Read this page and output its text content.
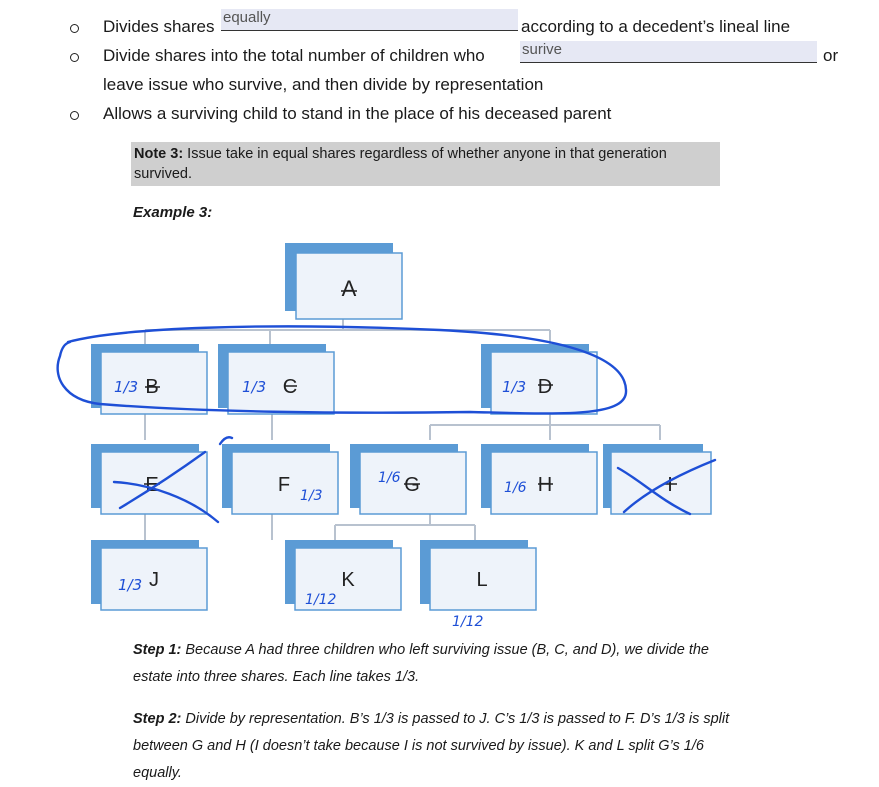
Divides shares equally	according to a decedent’s lineal line
Divide shares into the total number of children who surive	or
leave issue who survive, and then divide by representation
Allows a surviving child to stand in the place of his deceased parent
Note 3: Issue take in equal shares regardless of whether anyone in that generation survived.
Example 3:
A
B	C	D
E	F	G	H	I
J	K	L
1/3	1/3	1/3
1/3
1/6
1/6
1/3
1/12
1/12
Step 1: Because A had three children who left surviving issue (B, C, and D), we divide the estate into three shares. Each line takes 1/3.
Step 2: Divide by representation. B’s 1/3 is passed to J. C’s 1/3 is passed to F. D’s 1/3 is split between G and H (I doesn’t take because I is not survived by issue). K and L split G’s 1/6 equally.
